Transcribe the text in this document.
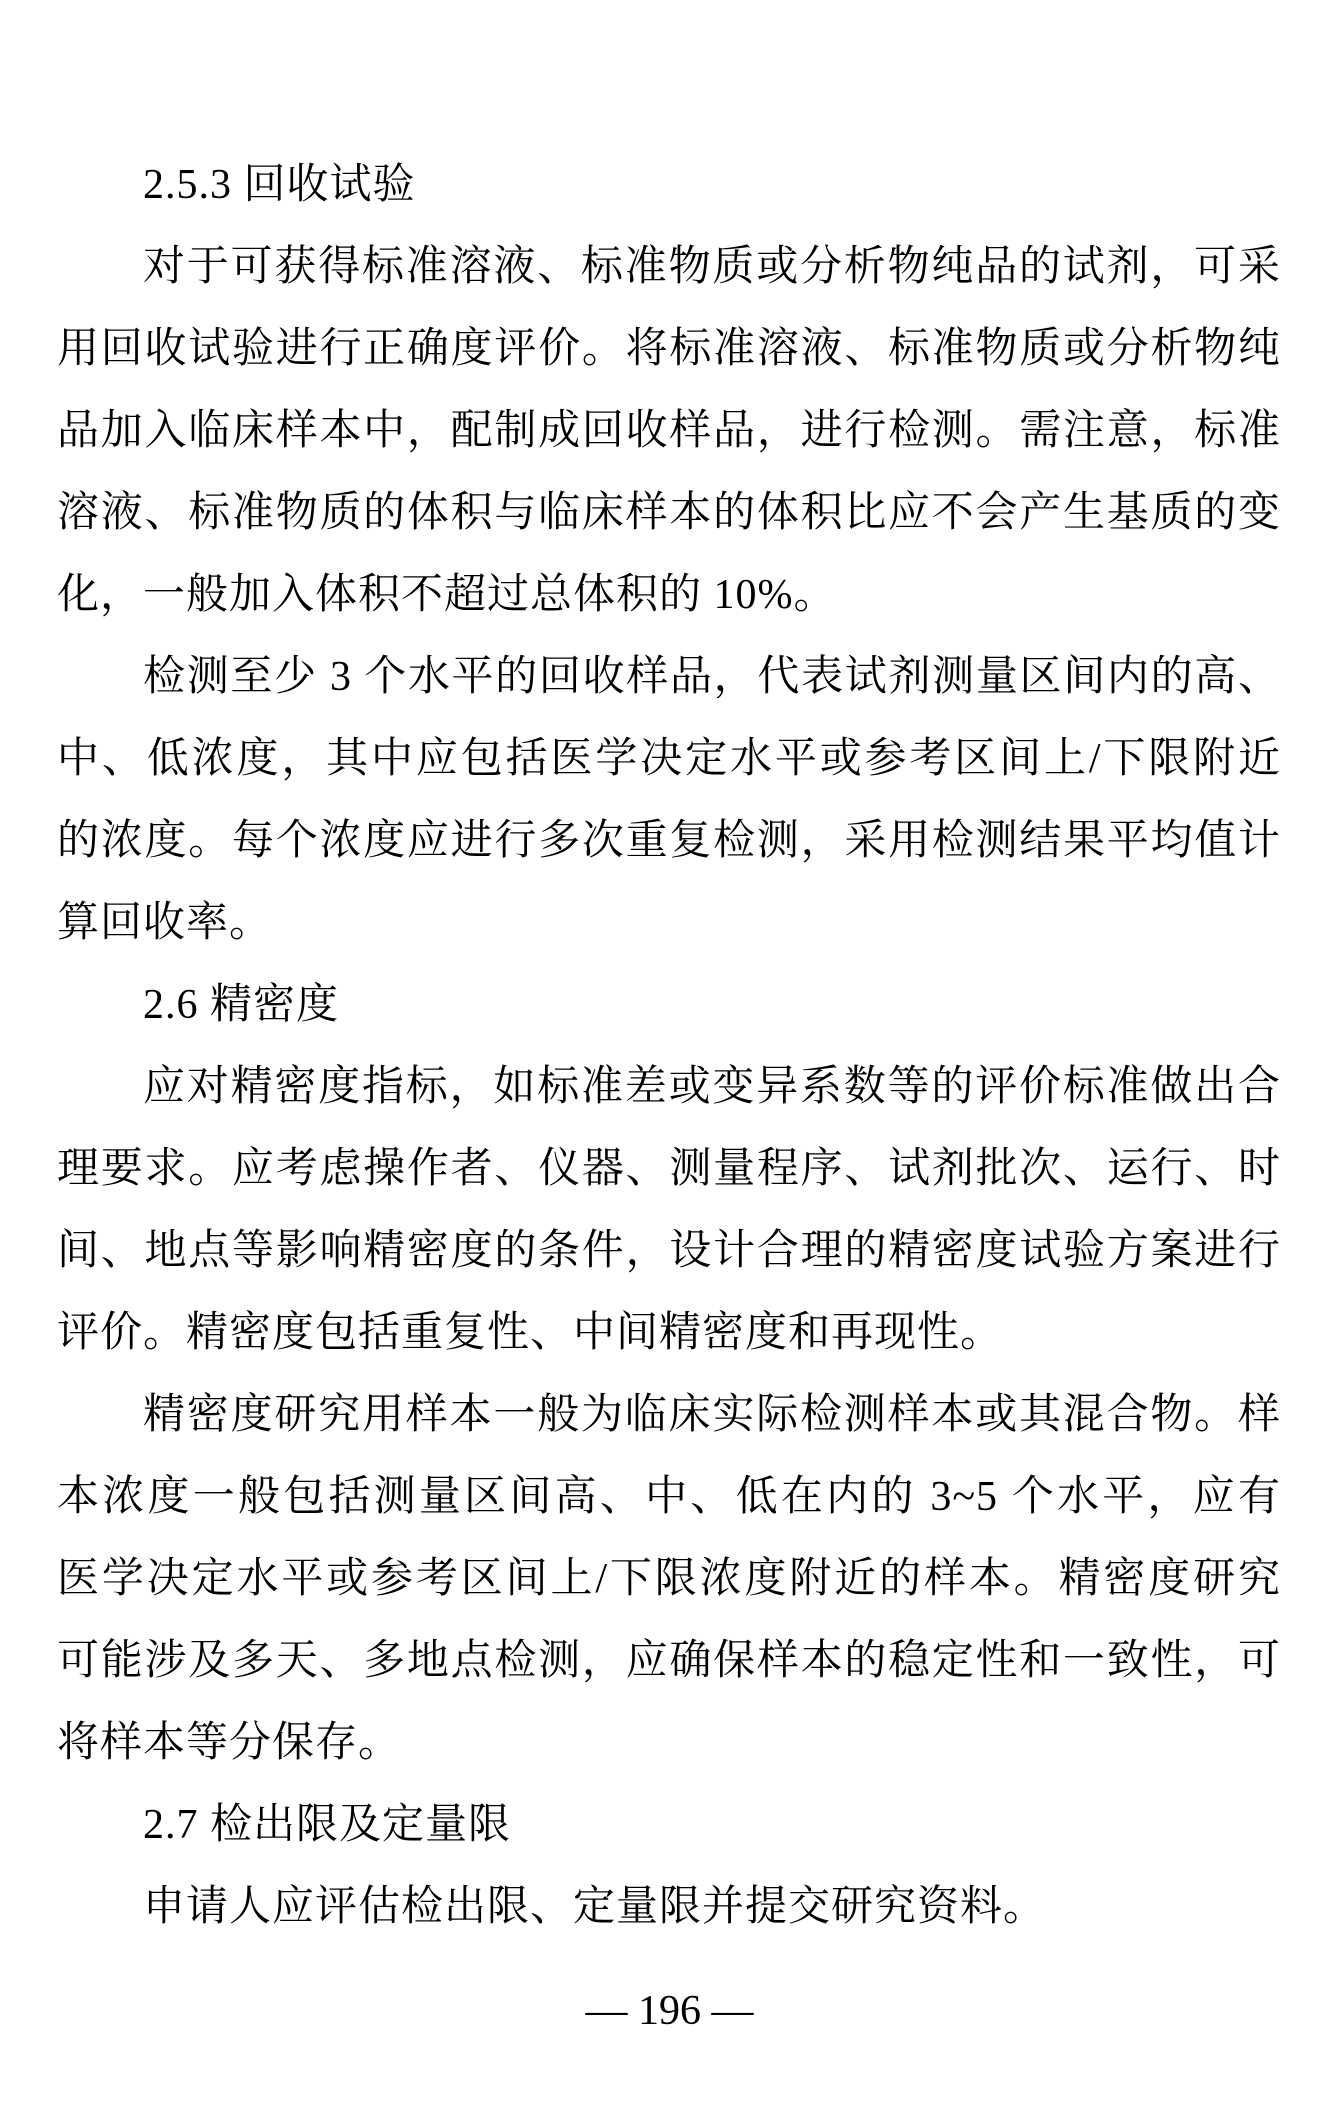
2.5.3 回收试验
对于可获得标准溶液、标准物质或分析物纯品的试剂，可采
用回收试验进行正确度评价。将标准溶液、标准物质或分析物纯
品加入临床样本中，配制成回收样品，进行检测。需注意，标准
溶液、标准物质的体积与临床样本的体积比应不会产生基质的变
化，一般加入体积不超过总体积的 10%。
检测至少 3 个水平的回收样品，代表试剂测量区间内的高、
中、低浓度，其中应包括医学决定水平或参考区间上/下限附近
的浓度。每个浓度应进行多次重复检测，采用检测结果平均值计
算回收率。
2.6 精密度
应对精密度指标，如标准差或变异系数等的评价标准做出合
理要求。应考虑操作者、仪器、测量程序、试剂批次、运行、时
间、地点等影响精密度的条件，设计合理的精密度试验方案进行
评价。精密度包括重复性、中间精密度和再现性。
精密度研究用样本一般为临床实际检测样本或其混合物。样
本浓度一般包括测量区间高、中、低在内的 3~5 个水平，应有
医学决定水平或参考区间上/下限浓度附近的样本。精密度研究
可能涉及多天、多地点检测，应确保样本的稳定性和一致性，可
将样本等分保存。
2.7 检出限及定量限
申请人应评估检出限、定量限并提交研究资料。
— 196 —
